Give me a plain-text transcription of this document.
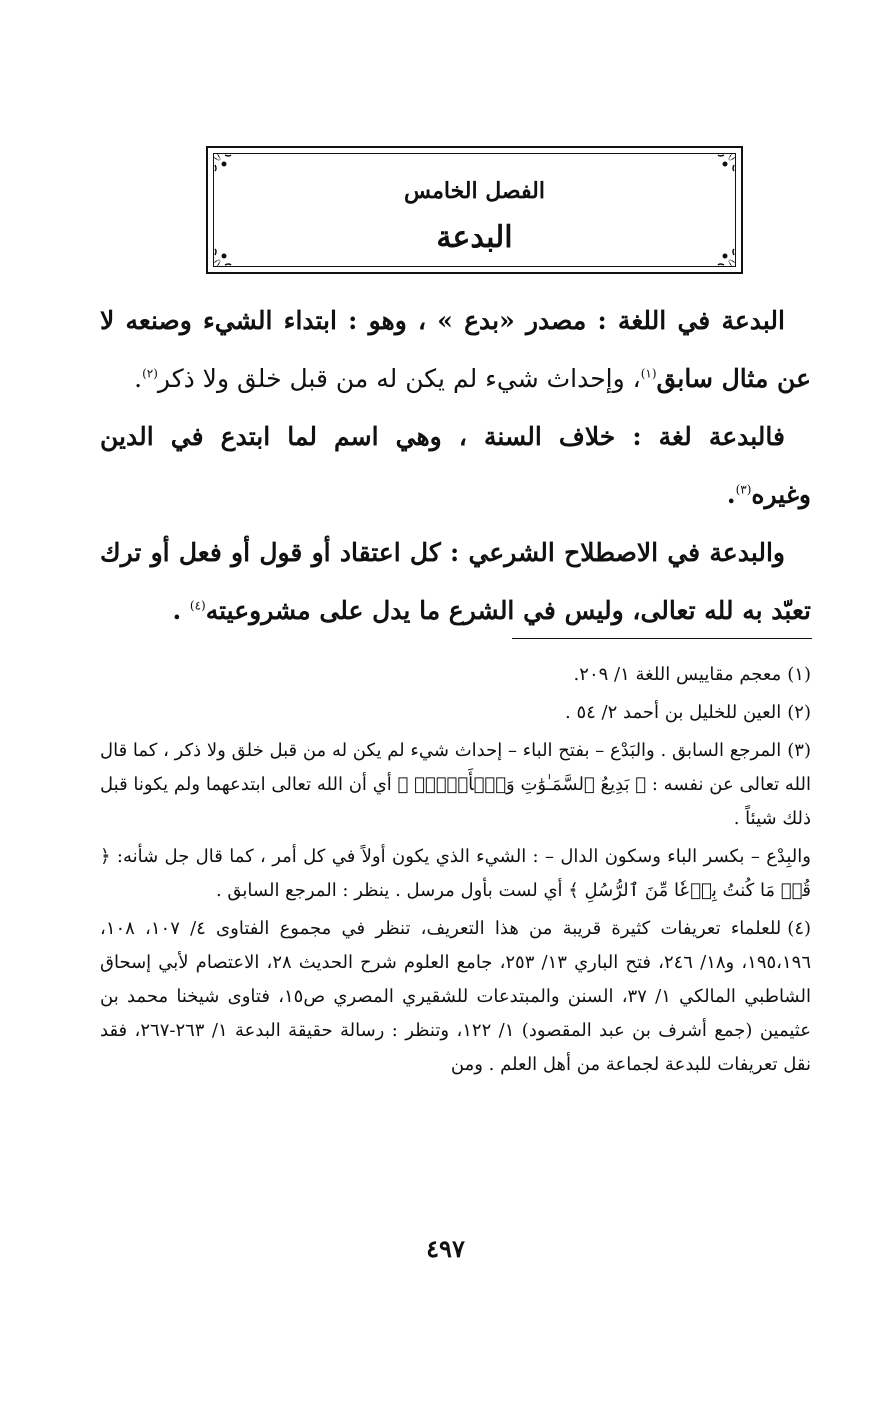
الفصل الخامس
البدعة

البدعة في اللغة : مصدر «بدع » ، وهو : ابتداء الشيء وصنعه لا عن مثال سابق$^{(١)}$، وإحداث شيء لم يكن له من قبل خلق ولا ذكر$^{(٢)}$.

فالبدعة لغة : خلاف السنة ، وهي اسم لما ابتدع في الدين وغيره$^{(٣)}$.

والبدعة في الاصطلاح الشرعي : كل اعتقاد أو قول أو فعل أو ترك تعبّد به لله تعالى، وليس في الشرع ما يدل على مشروعيته$^{(٤)}$ .

(١)معجم مقاييس اللغة ١/ ٢٠٩.

(٢)العين للخليل بن أحمد ٢/ ٥٤ .

(٣)المرجع السابق . والبَدْع – بفتح الباء – إحداث شيء لم يكن له من قبل خلق ولا ذكر ، كما قال الله تعالى عن نفسه : ﴿ بَدِيعُ ٱلسَّمَـٰوَٰتِ وَٱلۡأَرۡضِۖ ﴾ أي أن الله تعالى ابتدعهما ولم يكونا قبل ذلك شيئاً .

والبِدْع – بكسر الباء وسكون الدال – : الشيء الذي يكون أولاً في كل أمر ، كما قال جل شأنه: ﴿ قُلۡ مَا كُنتُ بِدۡعٗا مِّنَ ٱلرُّسُلِ ﴾ أي لست بأول مرسل . ينظر : المرجع السابق .

(٤)للعلماء تعريفات كثيرة قريبة من هذا التعريف، تنظر في مجموع الفتاوى ٤/ ١٠٧، ١٠٨، ١٩٥،١٩٦، و١٨/ ٢٤٦، فتح الباري ١٣/ ٢٥٣، جامع العلوم شرح الحديث ٢٨، الاعتصام لأبي إسحاق الشاطبي المالكي ١/ ٣٧، السنن والمبتدعات للشقيري المصري ص١٥، فتاوى شيخنا محمد بن عثيمين (جمع أشرف بن عبد المقصود) ١/ ١٢٢، وتنظر : رسالة حقيقة البدعة ١/ ٢٦٣-٢٦٧، فقد نقل تعريفات للبدعة لجماعة من أهل العلم . ومن

٤٩٧
